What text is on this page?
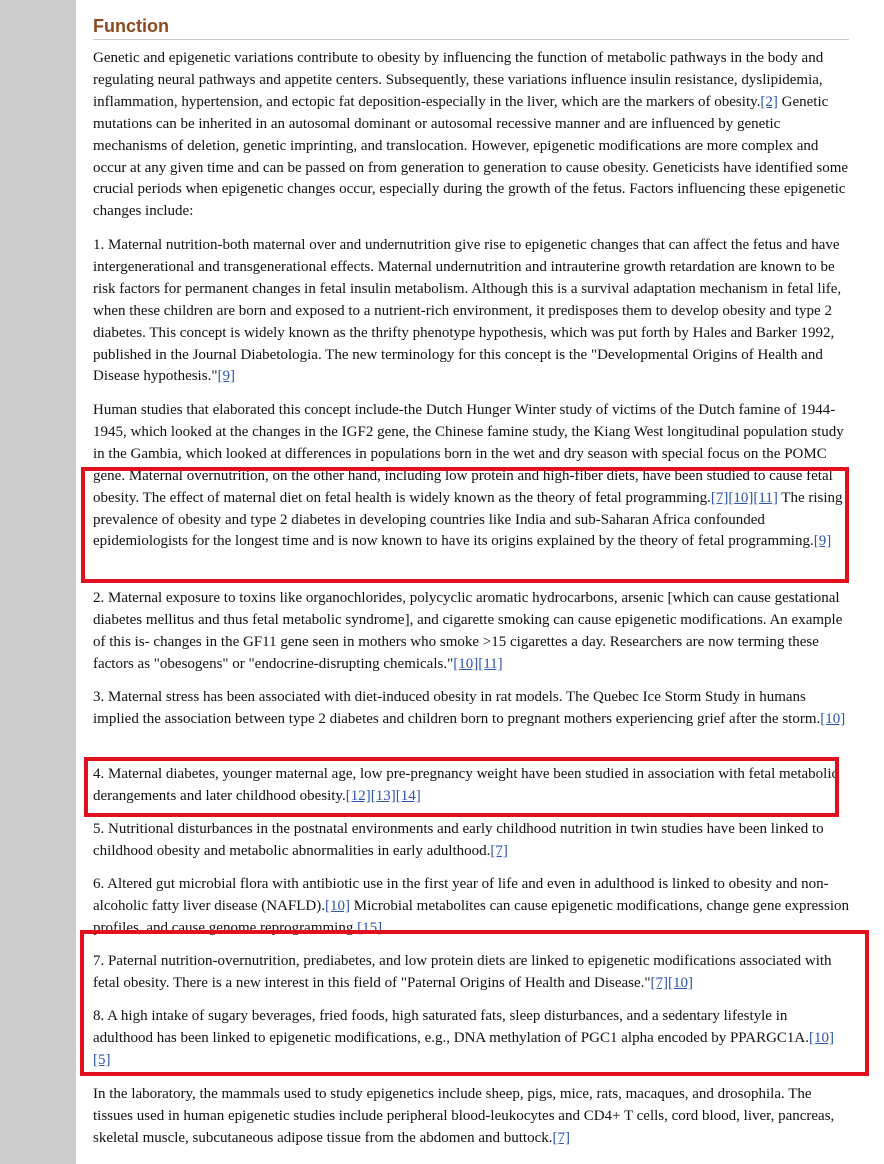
Function

Genetic and epigenetic variations contribute to obesity by influencing the function of metabolic pathways in the body and regulating neural pathways and appetite centers. Subsequently, these variations influence insulin resistance, dyslipidemia, inflammation, hypertension, and ectopic fat deposition-especially in the liver, which are the markers of obesity.[2] Genetic mutations can be inherited in an autosomal dominant or autosomal recessive manner and are influenced by genetic mechanisms of deletion, genetic imprinting, and translocation. However, epigenetic modifications are more complex and occur at any given time and can be passed on from generation to generation to cause obesity. Geneticists have identified some crucial periods when epigenetic changes occur, especially during the growth of the fetus. Factors influencing these epigenetic changes include:

1. Maternal nutrition-both maternal over and undernutrition give rise to epigenetic changes that can affect the fetus and have intergenerational and transgenerational effects. Maternal undernutrition and intrauterine growth retardation are known to be risk factors for permanent changes in fetal insulin metabolism. Although this is a survival adaptation mechanism in fetal life, when these children are born and exposed to a nutrient-rich environment, it predisposes them to develop obesity and type 2 diabetes. This concept is widely known as the thrifty phenotype hypothesis, which was put forth by Hales and Barker 1992, published in the Journal Diabetologia. The new terminology for this concept is the "Developmental Origins of Health and Disease hypothesis."[9]

Human studies that elaborated this concept include-the Dutch Hunger Winter study of victims of the Dutch famine of 1944-1945, which looked at the changes in the IGF2 gene, the Chinese famine study, the Kiang West longitudinal population study in the Gambia, which looked at differences in populations born in the wet and dry season with special focus on the POMC gene. Maternal overnutrition, on the other hand, including low protein and high-fiber diets, have been studied to cause fetal obesity. The effect of maternal diet on fetal health is widely known as the theory of fetal programming.[7][10][11] The rising prevalence of obesity and type 2 diabetes in developing countries like India and sub-Saharan Africa confounded epidemiologists for the longest time and is now known to have its origins explained by the theory of fetal programming.[9]

2. Maternal exposure to toxins like organochlorides, polycyclic aromatic hydrocarbons, arsenic [which can cause gestational diabetes mellitus and thus fetal metabolic syndrome], and cigarette smoking can cause epigenetic modifications. An example of this is- changes in the GF11 gene seen in mothers who smoke >15 cigarettes a day. Researchers are now terming these factors as "obesogens" or "endocrine-disrupting chemicals."[10][11]

3. Maternal stress has been associated with diet-induced obesity in rat models. The Quebec Ice Storm Study in humans implied the association between type 2 diabetes and children born to pregnant mothers experiencing grief after the storm.[10]

4. Maternal diabetes, younger maternal age, low pre-pregnancy weight have been studied in association with fetal metabolic derangements and later childhood obesity.[12][13][14]

5. Nutritional disturbances in the postnatal environments and early childhood nutrition in twin studies have been linked to childhood obesity and metabolic abnormalities in early adulthood.[7]

6. Altered gut microbial flora with antibiotic use in the first year of life and even in adulthood is linked to obesity and non-alcoholic fatty liver disease (NAFLD).[10] Microbial metabolites can cause epigenetic modifications, change gene expression profiles, and cause genome reprogramming.[15]

7. Paternal nutrition-overnutrition, prediabetes, and low protein diets are linked to epigenetic modifications associated with fetal obesity. There is a new interest in this field of "Paternal Origins of Health and Disease."[7][10]

8. A high intake of sugary beverages, fried foods, high saturated fats, sleep disturbances, and a sedentary lifestyle in adulthood has been linked to epigenetic modifications, e.g., DNA methylation of PGC1 alpha encoded by PPARGC1A.[10][5]

In the laboratory, the mammals used to study epigenetics include sheep, pigs, mice, rats, macaques, and drosophila. The tissues used in human epigenetic studies include peripheral blood-leukocytes and CD4+ T cells, cord blood, liver, pancreas, skeletal muscle, subcutaneous adipose tissue from the abdomen and buttock.[7]
